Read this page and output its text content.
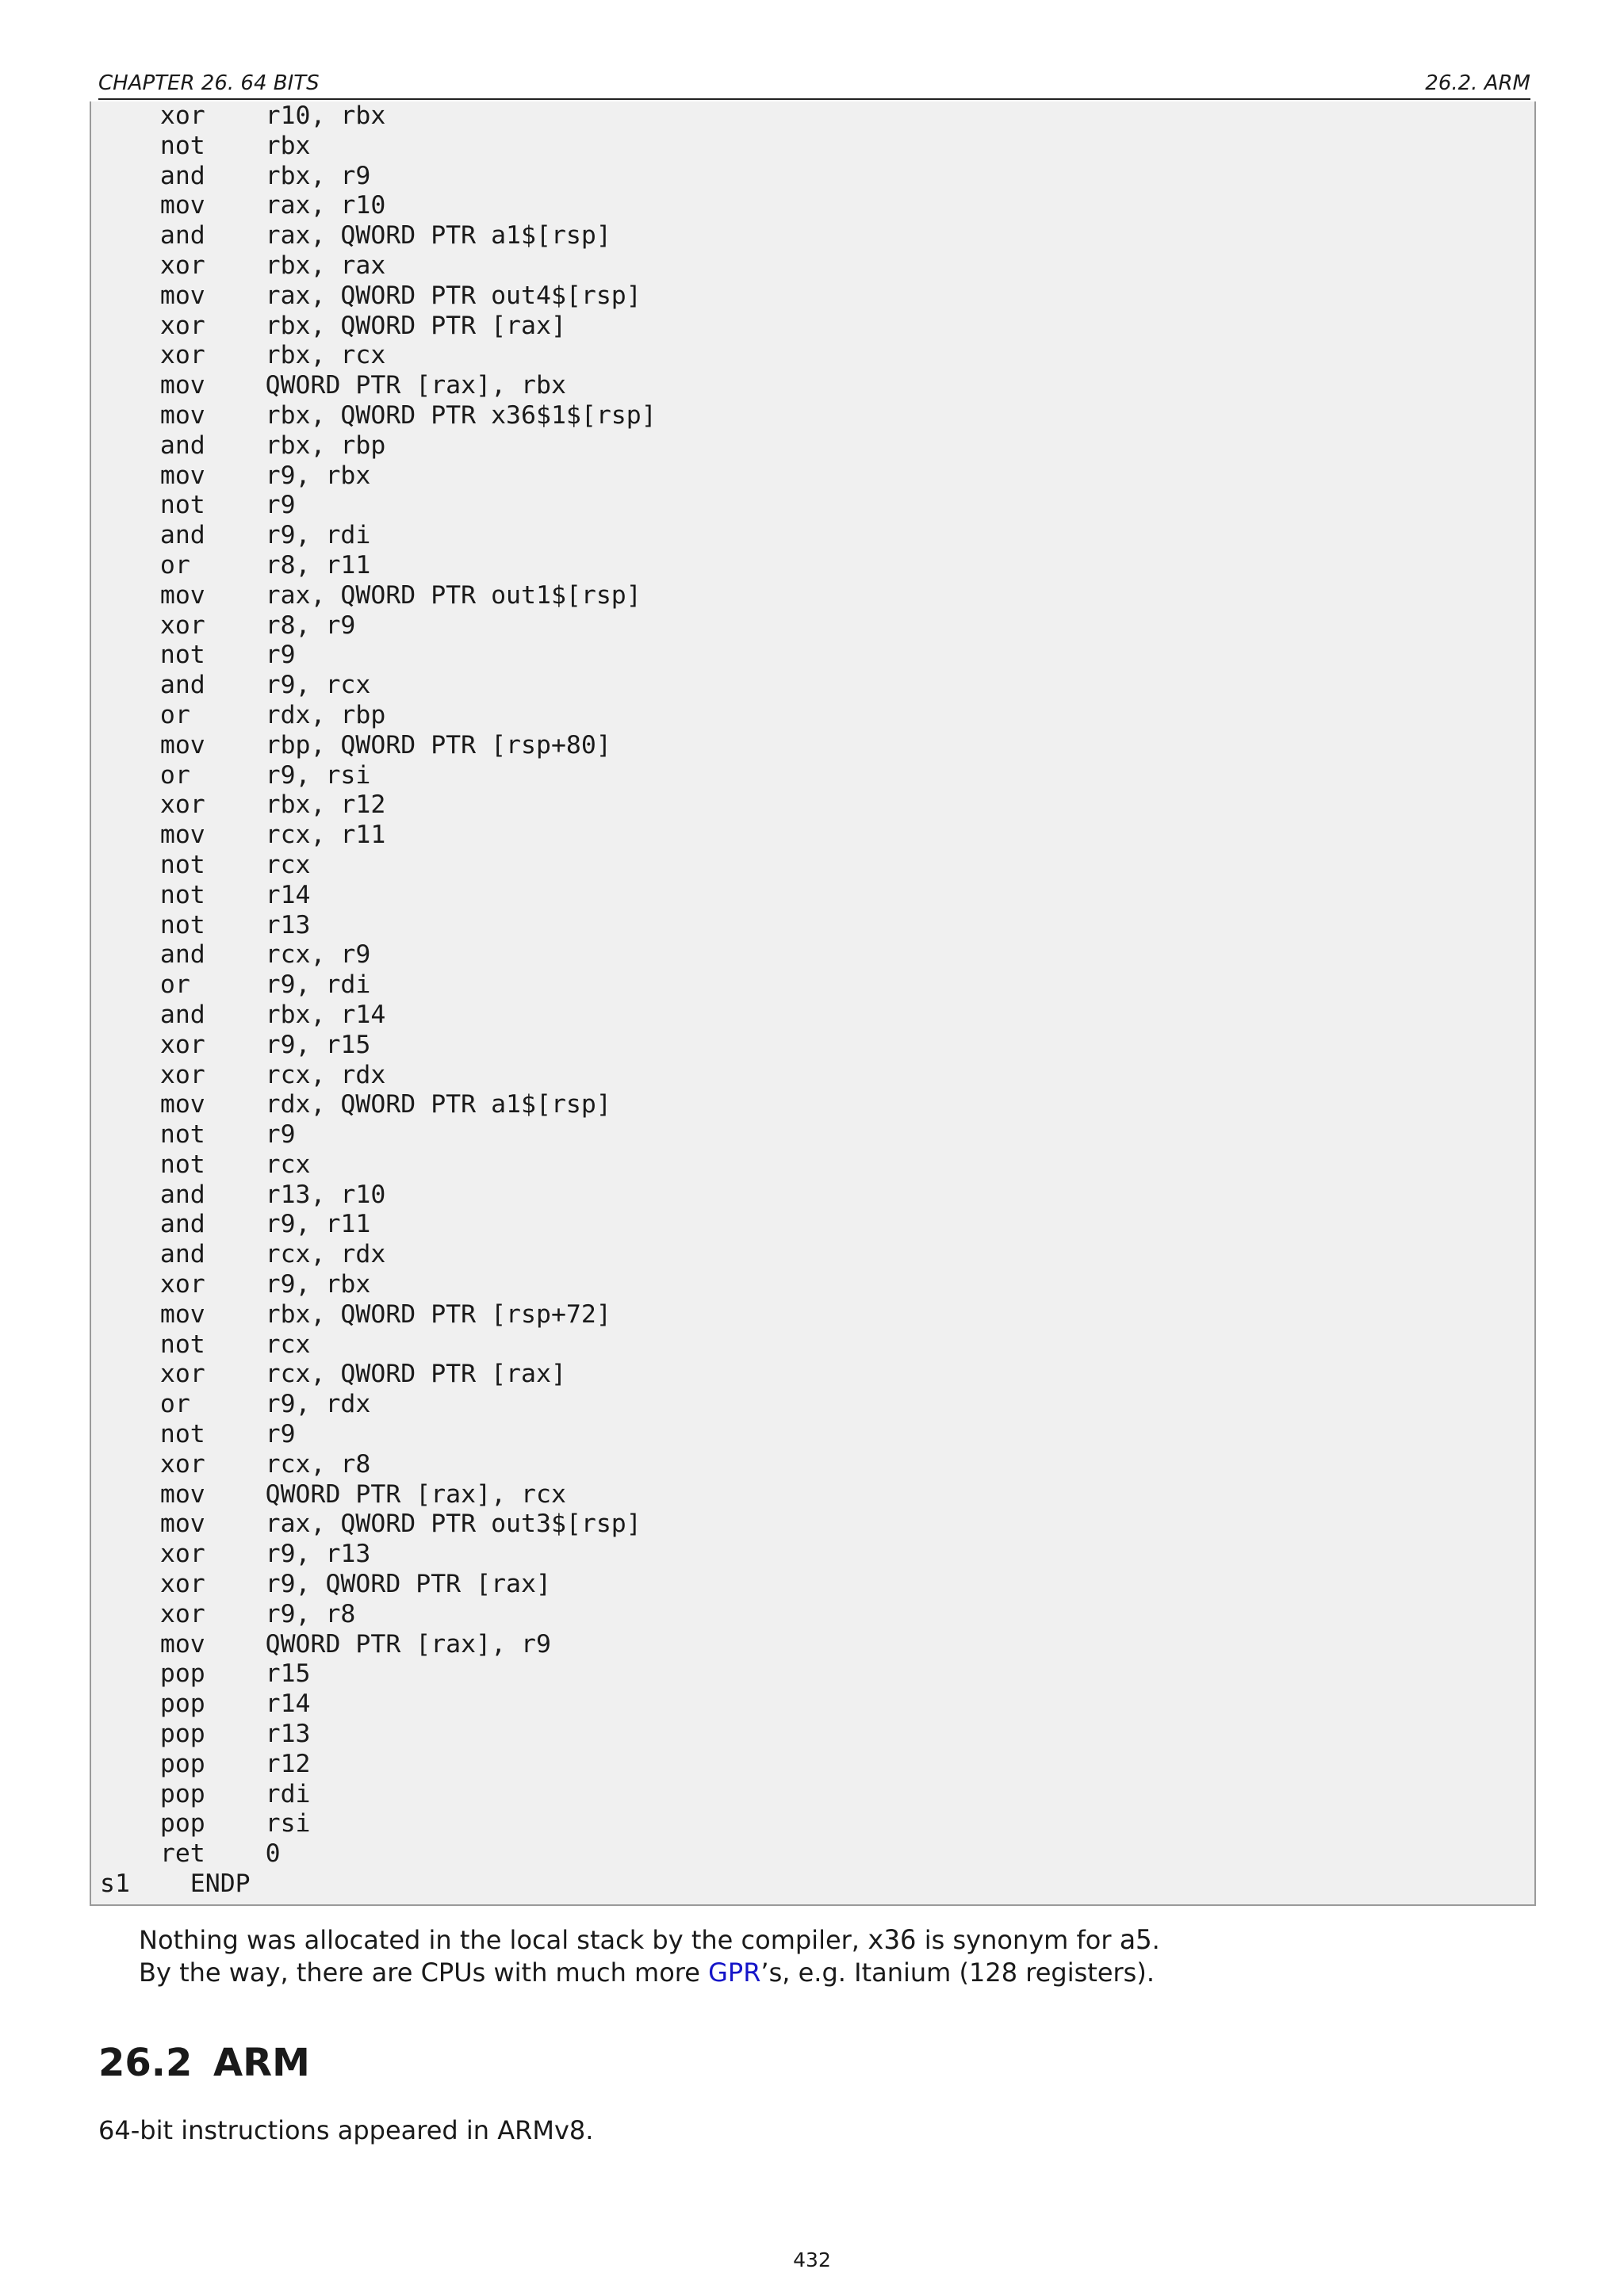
CHAPTER 26. 64 BITS	26.2. ARM
xor    r10, rbx
not    rbx
and    rbx, r9
mov    rax, r10
and    rax, QWORD PTR a1$[rsp]
xor    rbx, rax
mov    rax, QWORD PTR out4$[rsp]
xor    rbx, QWORD PTR [rax]
xor    rbx, rcx
mov    QWORD PTR [rax], rbx
mov    rbx, QWORD PTR x36$1$[rsp]
and    rbx, rbp
mov    r9, rbx
not    r9
and    r9, rdi
or     r8, r11
mov    rax, QWORD PTR out1$[rsp]
xor    r8, r9
not    r9
and    r9, rcx
or     rdx, rbp
mov    rbp, QWORD PTR [rsp+80]
or     r9, rsi
xor    rbx, r12
mov    rcx, r11
not    rcx
not    r14
not    r13
and    rcx, r9
or     r9, rdi
and    rbx, r14
xor    r9, r15
xor    rcx, rdx
mov    rdx, QWORD PTR a1$[rsp]
not    r9
not    rcx
and    r13, r10
and    r9, r11
and    rcx, rdx
xor    r9, rbx
mov    rbx, QWORD PTR [rsp+72]
not    rcx
xor    rcx, QWORD PTR [rax]
or     r9, rdx
not    r9
xor    rcx, r8
mov    QWORD PTR [rax], rcx
mov    rax, QWORD PTR out3$[rsp]
xor    r9, r13
xor    r9, QWORD PTR [rax]
xor    r9, r8
mov    QWORD PTR [rax], r9
pop    r15
pop    r14
pop    r13
pop    r12
pop    rdi
pop    rsi
ret    0
s1    ENDP
Nothing was allocated in the local stack by the compiler, x36 is synonym for a5.
By the way, there are CPUs with much more GPR’s, e.g. Itanium (128 registers).
26.2 ARM
64-bit instructions appeared in ARMv8.
432
